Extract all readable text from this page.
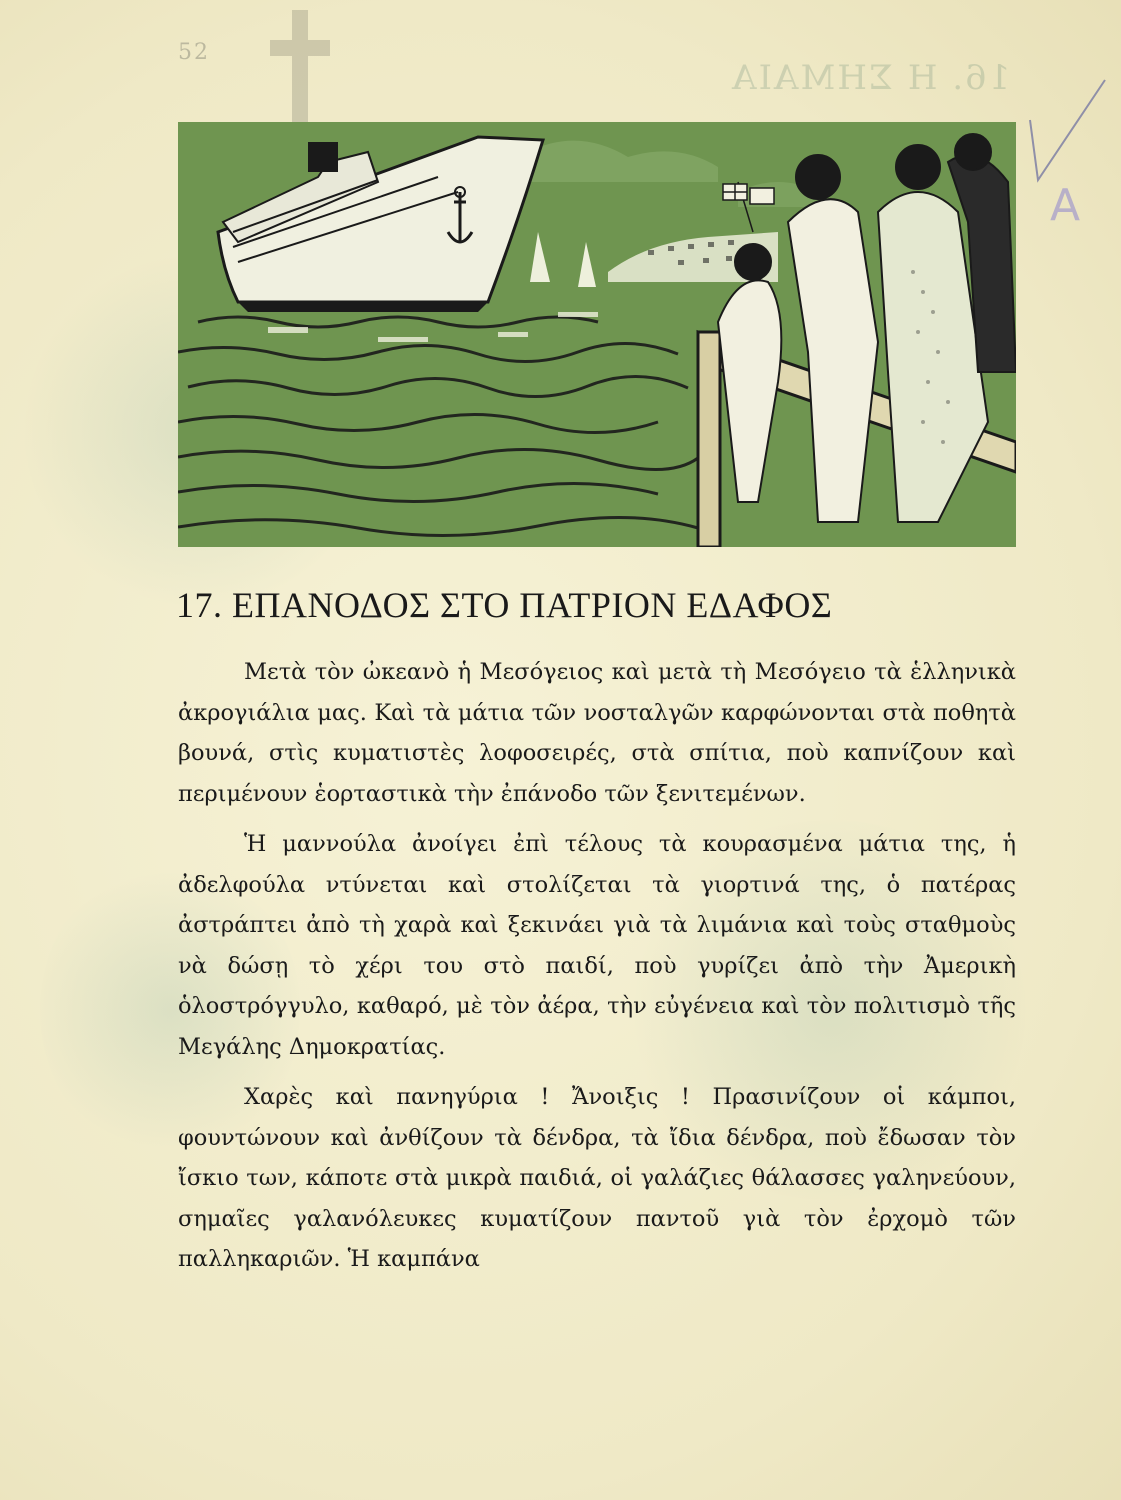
52
16. Η ΣΗΜΑΙΑ
A
17. ΕΠΑΝΟΔΟΣ ΣΤΟ ΠΑΤΡΙΟΝ ΕΔΑΦΟΣ

Μετὰ τὸν ὠκεανὸ ἡ Μεσόγειος καὶ μετὰ τὴ Μεσόγειο τὰ ἑλληνικὰ ἀκρογιάλια μας. Καὶ τὰ μάτια τῶν νοσταλγῶν καρφώνονται στὰ ποθητὰ βουνά, στὶς κυματιστὲς λοφοσειρές, στὰ σπίτια, ποὺ καπνίζουν καὶ περιμένουν ἑορταστικὰ τὴν ἐπάνοδο τῶν ξενιτεμένων.

Ἡ μαννούλα ἀνοίγει ἐπὶ τέλους τὰ κουρασμένα μάτια της, ἡ ἀδελφούλα ντύνεται καὶ στολίζεται τὰ γιορτινά της, ὁ πατέρας ἀστράπτει ἀπὸ τὴ χαρὰ καὶ ξεκινάει γιὰ τὰ λιμάνια καὶ τοὺς σταθμοὺς νὰ δώσῃ τὸ χέρι του στὸ παιδί, ποὺ γυρίζει ἀπὸ τὴν Ἀμερικὴ ὁλοστρόγγυλο, καθαρό, μὲ τὸν ἀέρα, τὴν εὐγένεια καὶ τὸν πολιτισμὸ τῆς Μεγάλης Δημοκρατίας.

Χαρὲς καὶ πανηγύρια ! Ἄνοιξις ! Πρασινίζουν οἱ κάμποι, φουντώνουν καὶ ἀνθίζουν τὰ δένδρα, τὰ ἴδια δένδρα, ποὺ ἔδωσαν τὸν ἴσκιο των, κάποτε στὰ μικρὰ παιδιά, οἱ γαλάζιες θάλασσες γαληνεύουν, σημαῖες γαλανόλευκες κυματίζουν παντοῦ γιὰ τὸν ἐρχομὸ τῶν παλληκαριῶν. Ἡ καμπάνα
